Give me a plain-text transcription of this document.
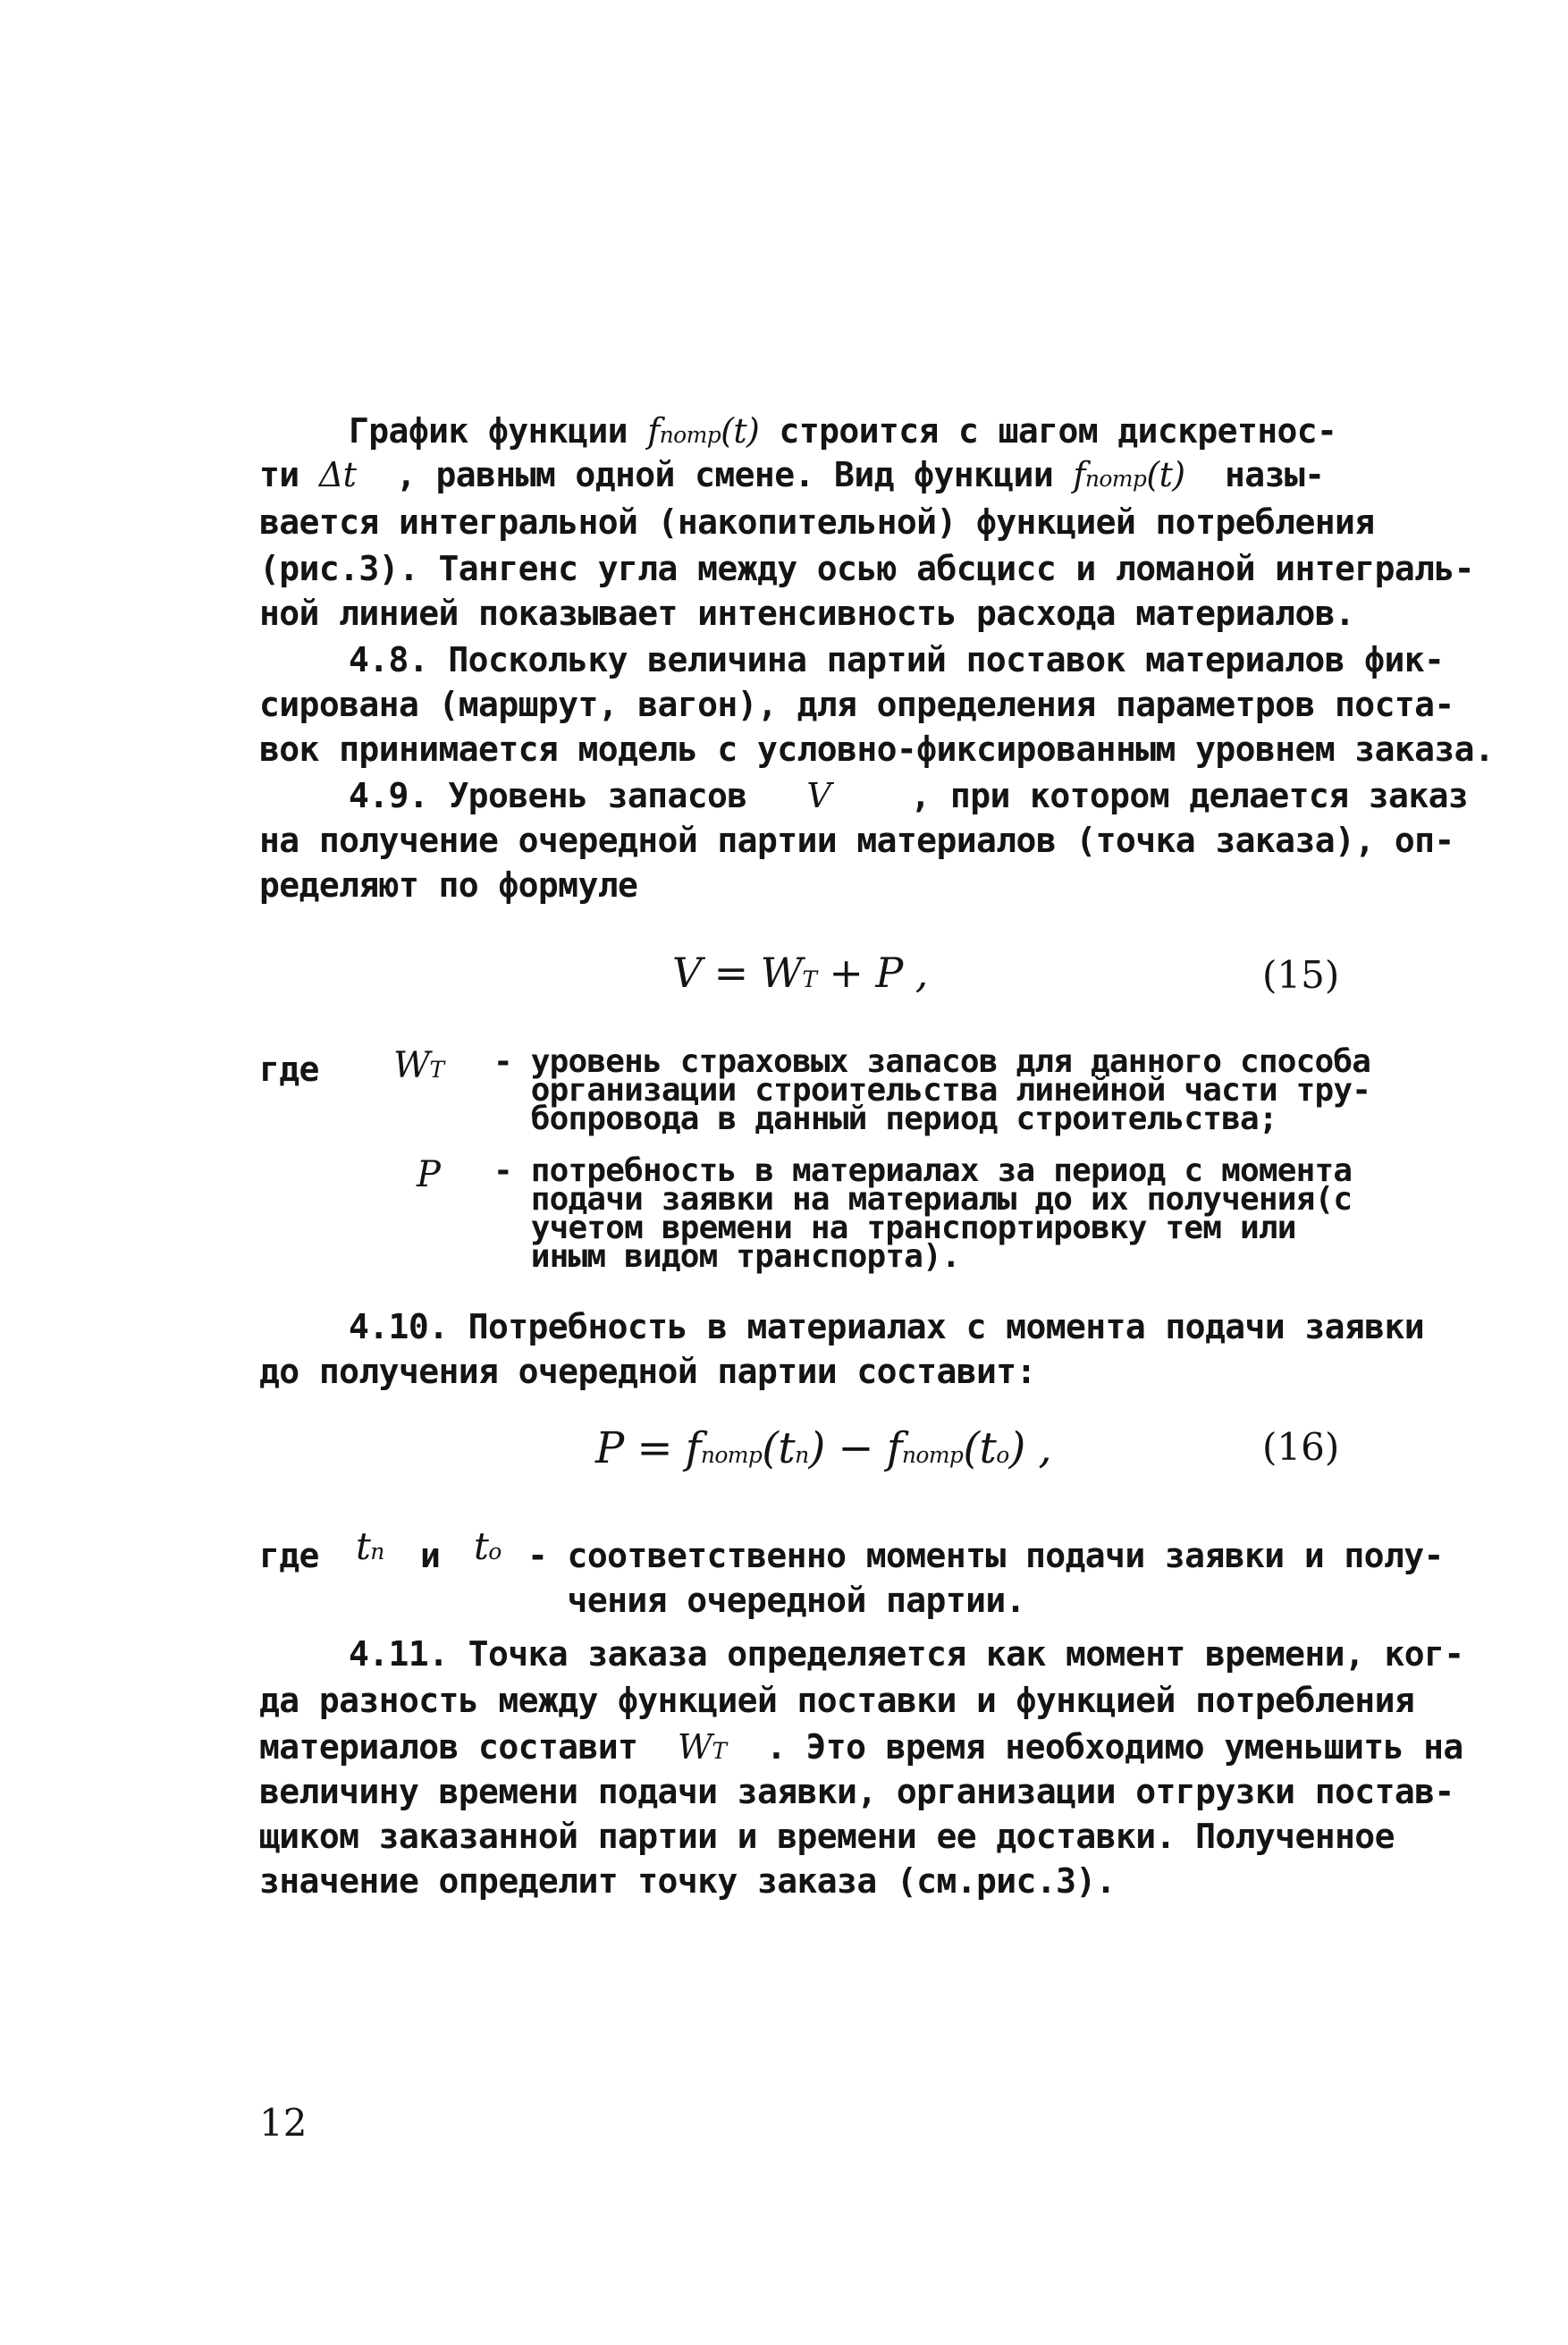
График функции fпотр(t) строится с шагом дискретнос-
ти Δt , равным одной смене. Вид функции fпотр(t) назы-
вается интегральной (накопительной) функцией потребления
(рис.3). Тангенс угла между осью абсцисс и ломаной интеграль-
ной линией показывает интенсивность расхода материалов.
4.8. Поскольку величина партий поставок материалов фик-
сирована (маршрут, вагон), для определения параметров поста-
вок принимается модель с условно-фиксированным уровнем заказа.
4.9. Уровень запасов V , при котором делается заказ
на получение очередной партии материалов (точка заказа), оп-
ределяют по формуле
V = WT + P ,	(15)
где WT - уровень страховых запасов для данного способа
организации строительства линейной части тру-
бопровода в данный период строительства;
P - потребность в материалах за период с момента
подачи заявки на материалы до их получения(с
учетом времени на транспортировку тем или
иным видом транспорта).
4.10. Потребность в материалах с момента подачи заявки
до получения очередной партии составит:
P = fпотр(tп) − fпотр(tо) ,	(16)
где tп и tо - соответственно моменты подачи заявки и полу-
чения очередной партии.
4.11. Точка заказа определяется как момент времени, ког-
да разность между функцией поставки и функцией потребления
материалов составит WT . Это время необходимо уменьшить на
величину времени подачи заявки, организации отгрузки постав-
щиком заказанной партии и времени ее доставки. Полученное
значение определит точку заказа (см.рис.3).
12
